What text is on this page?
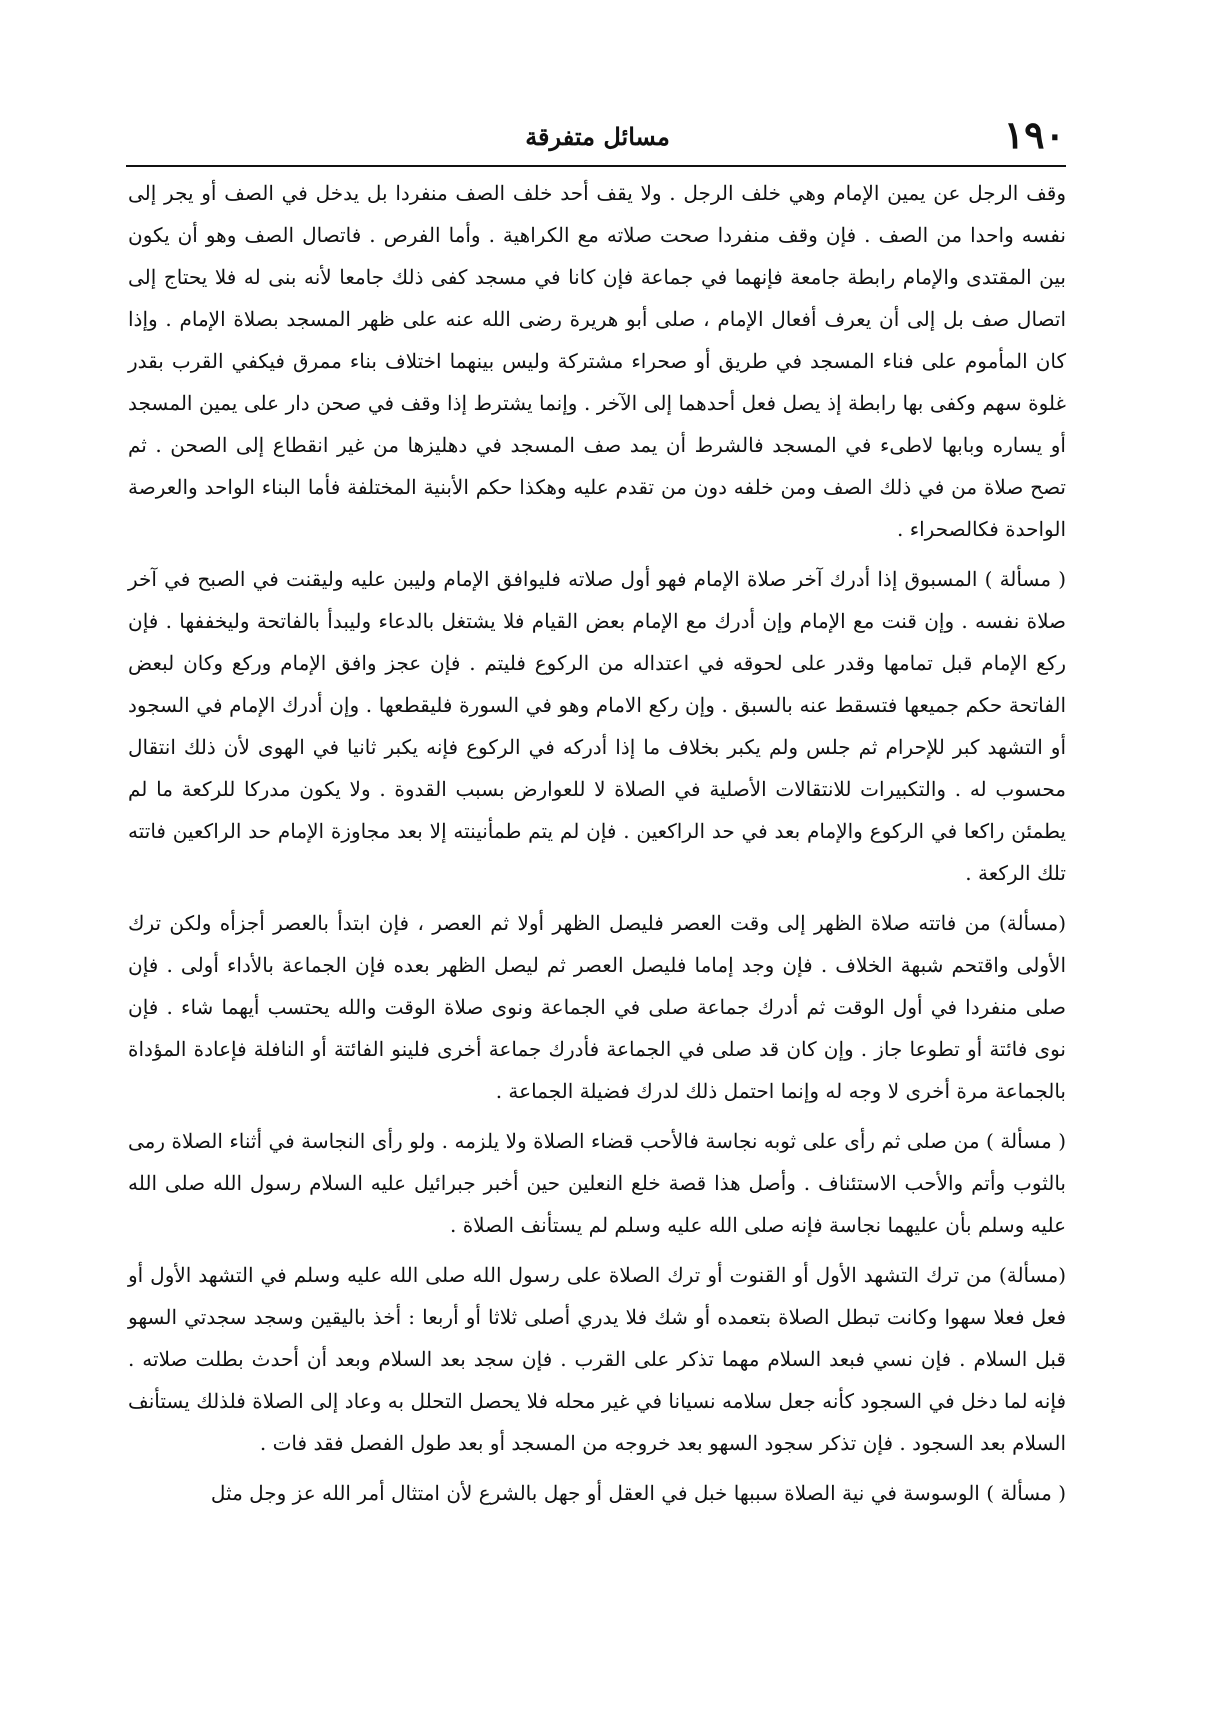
١٩٠
مسائل متفرقة

وقف الرجل عن يمين الإمام وهي خلف الرجل . ولا يقف أحد خلف الصف منفردا بل يدخل في الصف أو يجر إلى نفسه واحدا من الصف . فإن وقف منفردا صحت صلاته مع الكراهية . وأما الفرص . فاتصال الصف وهو أن يكون بين المقتدى والإمام رابطة جامعة فإنهما في جماعة فإن كانا في مسجد كفى ذلك جامعا لأنه بنى له فلا يحتاج إلى اتصال صف بل إلى أن يعرف أفعال الإمام ، صلى أبو هريرة رضى الله عنه على ظهر المسجد بصلاة الإمام . وإذا كان المأموم على فناء المسجد في طريق أو صحراء مشتركة وليس بينهما اختلاف بناء ممرق فيكفي القرب بقدر غلوة سهم وكفى بها رابطة إذ يصل فعل أحدهما إلى الآخر . وإنما يشترط إذا وقف في صحن دار على يمين المسجد أو يساره وبابها لاطىء في المسجد فالشرط أن يمد صف المسجد في دهليزها من غير انقطاع إلى الصحن . ثم تصح صلاة من في ذلك الصف ومن خلفه دون من تقدم عليه وهكذا حكم الأبنية المختلفة فأما البناء الواحد والعرصة الواحدة فكالصحراء .

( مسألة ) المسبوق إذا أدرك آخر صلاة الإمام فهو أول صلاته فليوافق الإمام وليبن عليه وليقنت في الصبح في آخر صلاة نفسه . وإن قنت مع الإمام وإن أدرك مع الإمام بعض القيام فلا يشتغل بالدعاء وليبدأ بالفاتحة وليخففها . فإن ركع الإمام قبل تمامها وقدر على لحوقه في اعتداله من الركوع فليتم . فإن عجز وافق الإمام وركع وكان لبعض الفاتحة حكم جميعها فتسقط عنه بالسبق . وإن ركع الامام وهو في السورة فليقطعها . وإن أدرك الإمام في السجود أو التشهد كبر للإحرام ثم جلس ولم يكبر بخلاف ما إذا أدركه في الركوع فإنه يكبر ثانيا في الهوى لأن ذلك انتقال محسوب له . والتكبيرات للانتقالات الأصلية في الصلاة لا للعوارض بسبب القدوة . ولا يكون مدركا للركعة ما لم يطمئن راكعا في الركوع والإمام بعد في حد الراكعين . فإن لم يتم طمأنينته إلا بعد مجاوزة الإمام حد الراكعين فاتته تلك الركعة .

(مسألة) من فاتته صلاة الظهر إلى وقت العصر فليصل الظهر أولا ثم العصر ، فإن ابتدأ بالعصر أجزأه ولكن ترك الأولى واقتحم شبهة الخلاف . فإن وجد إماما فليصل العصر ثم ليصل الظهر بعده فإن الجماعة بالأداء أولى . فإن صلى منفردا في أول الوقت ثم أدرك جماعة صلى في الجماعة ونوى صلاة الوقت والله يحتسب أيهما شاء . فإن نوى فائتة أو تطوعا جاز . وإن كان قد صلى في الجماعة فأدرك جماعة أخرى فلينو الفائتة أو النافلة فإعادة المؤداة بالجماعة مرة أخرى لا وجه له وإنما احتمل ذلك لدرك فضيلة الجماعة .

( مسألة ) من صلى ثم رأى على ثوبه نجاسة فالأحب قضاء الصلاة ولا يلزمه . ولو رأى النجاسة في أثناء الصلاة رمى بالثوب وأتم والأحب الاستئناف . وأصل هذا قصة خلع النعلين حين أخبر جبرائيل عليه السلام رسول الله صلى الله عليه وسلم بأن عليهما نجاسة فإنه صلى الله عليه وسلم لم يستأنف الصلاة .

(مسألة) من ترك التشهد الأول أو القنوت أو ترك الصلاة على رسول الله صلى الله عليه وسلم في التشهد الأول أو فعل فعلا سهوا وكانت تبطل الصلاة بتعمده أو شك فلا يدري أصلى ثلاثا أو أربعا : أخذ باليقين وسجد سجدتي السهو قبل السلام . فإن نسي فبعد السلام مهما تذكر على القرب . فإن سجد بعد السلام وبعد أن أحدث بطلت صلاته . فإنه لما دخل في السجود كأنه جعل سلامه نسيانا في غير محله فلا يحصل التحلل به وعاد إلى الصلاة فلذلك يستأنف السلام بعد السجود . فإن تذكر سجود السهو بعد خروجه من المسجد أو بعد طول الفصل فقد فات .

( مسألة ) الوسوسة في نية الصلاة سببها خبل في العقل أو جهل بالشرع لأن امتثال أمر الله عز وجل مثل
